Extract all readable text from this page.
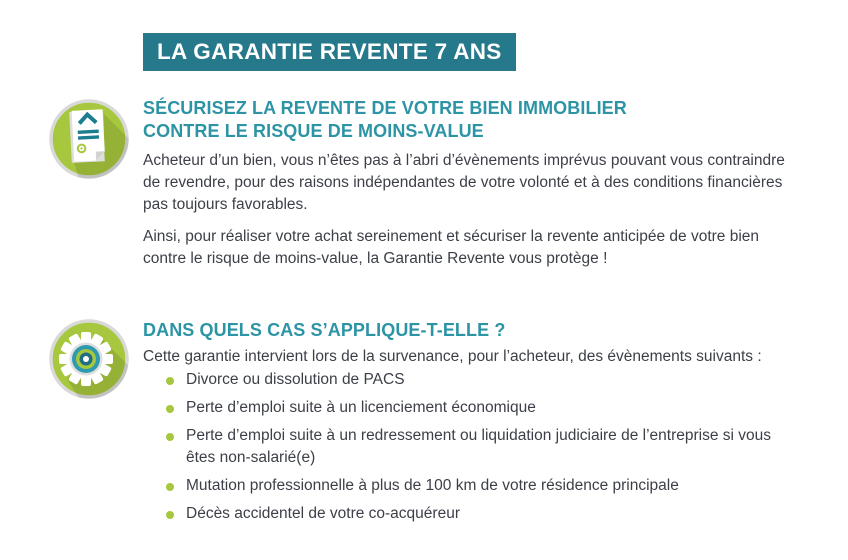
LA GARANTIE REVENTE 7 ANS
SÉCURISEZ LA REVENTE DE VOTRE BIEN IMMOBILIER
CONTRE LE RISQUE DE MOINS-VALUE
Acheteur d’un bien, vous n’êtes pas à l’abri d’évènements imprévus pouvant vous contraindre
de revendre, pour des raisons indépendantes de votre volonté et à des conditions financières
pas toujours favorables.
Ainsi, pour réaliser votre achat sereinement et sécuriser la revente anticipée de votre bien
contre le risque de moins-value, la Garantie Revente vous protège !
DANS QUELS CAS S’APPLIQUE-T-ELLE ?
Cette garantie intervient lors de la survenance, pour l’acheteur, des évènements suivants :
Divorce ou dissolution de PACS
Perte d’emploi suite à un licenciement économique
Perte d’emploi suite à un redressement ou liquidation judiciaire de l’entreprise si vous êtes non-salarié(e)
Mutation professionnelle à plus de 100 km de votre résidence principale
Décès accidentel de votre co-acquéreur
